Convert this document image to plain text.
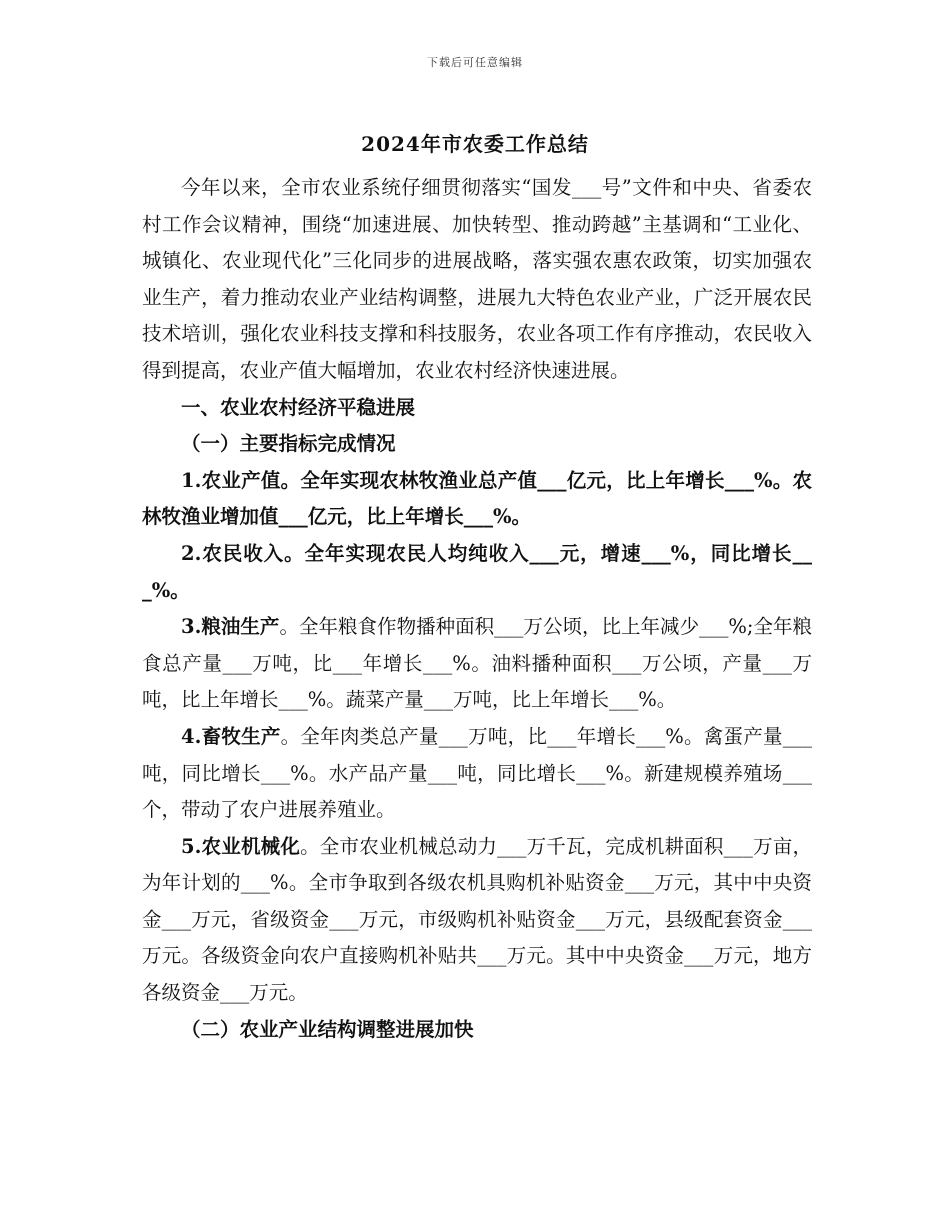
下载后可任意编辑
2024年市农委工作总结

今年以来，全市农业系统仔细贯彻落实“国发___号”文件和中央、省委农村工作会议精神，围绕“加速进展、加快转型、推动跨越”主基调和“工业化、城镇化、农业现代化”三化同步的进展战略，落实强农惠农政策，切实加强农业生产，着力推动农业产业结构调整，进展九大特色农业产业，广泛开展农民技术培训，强化农业科技支撑和科技服务，农业各项工作有序推动，农民收入得到提高，农业产值大幅增加，农业农村经济快速进展。

一、农业农村经济平稳进展

（一）主要指标完成情况

1.农业产值。全年实现农林牧渔业总产值___亿元，比上年增长___%。农林牧渔业增加值___亿元，比上年增长___%。

2.农民收入。全年实现农民人均纯收入___元，增速___%，同比增长___%。

3.粮油生产。全年粮食作物播种面积___万公顷，比上年减少___%;全年粮食总产量___万吨，比___年增长___%。油料播种面积___万公顷，产量___万吨，比上年增长___%。蔬菜产量___万吨，比上年增长___%。

4.畜牧生产。全年肉类总产量___万吨，比___年增长___%。禽蛋产量___吨，同比增长___%。水产品产量___吨，同比增长___%。新建规模养殖场___个，带动了农户进展养殖业。

5.农业机械化。全市农业机械总动力___万千瓦，完成机耕面积___万亩，为年计划的___%。全市争取到各级农机具购机补贴资金___万元，其中中央资金___万元，省级资金___万元，市级购机补贴资金___万元，县级配套资金___万元。各级资金向农户直接购机补贴共___万元。其中中央资金___万元，地方各级资金___万元。

（二）农业产业结构调整进展加快
